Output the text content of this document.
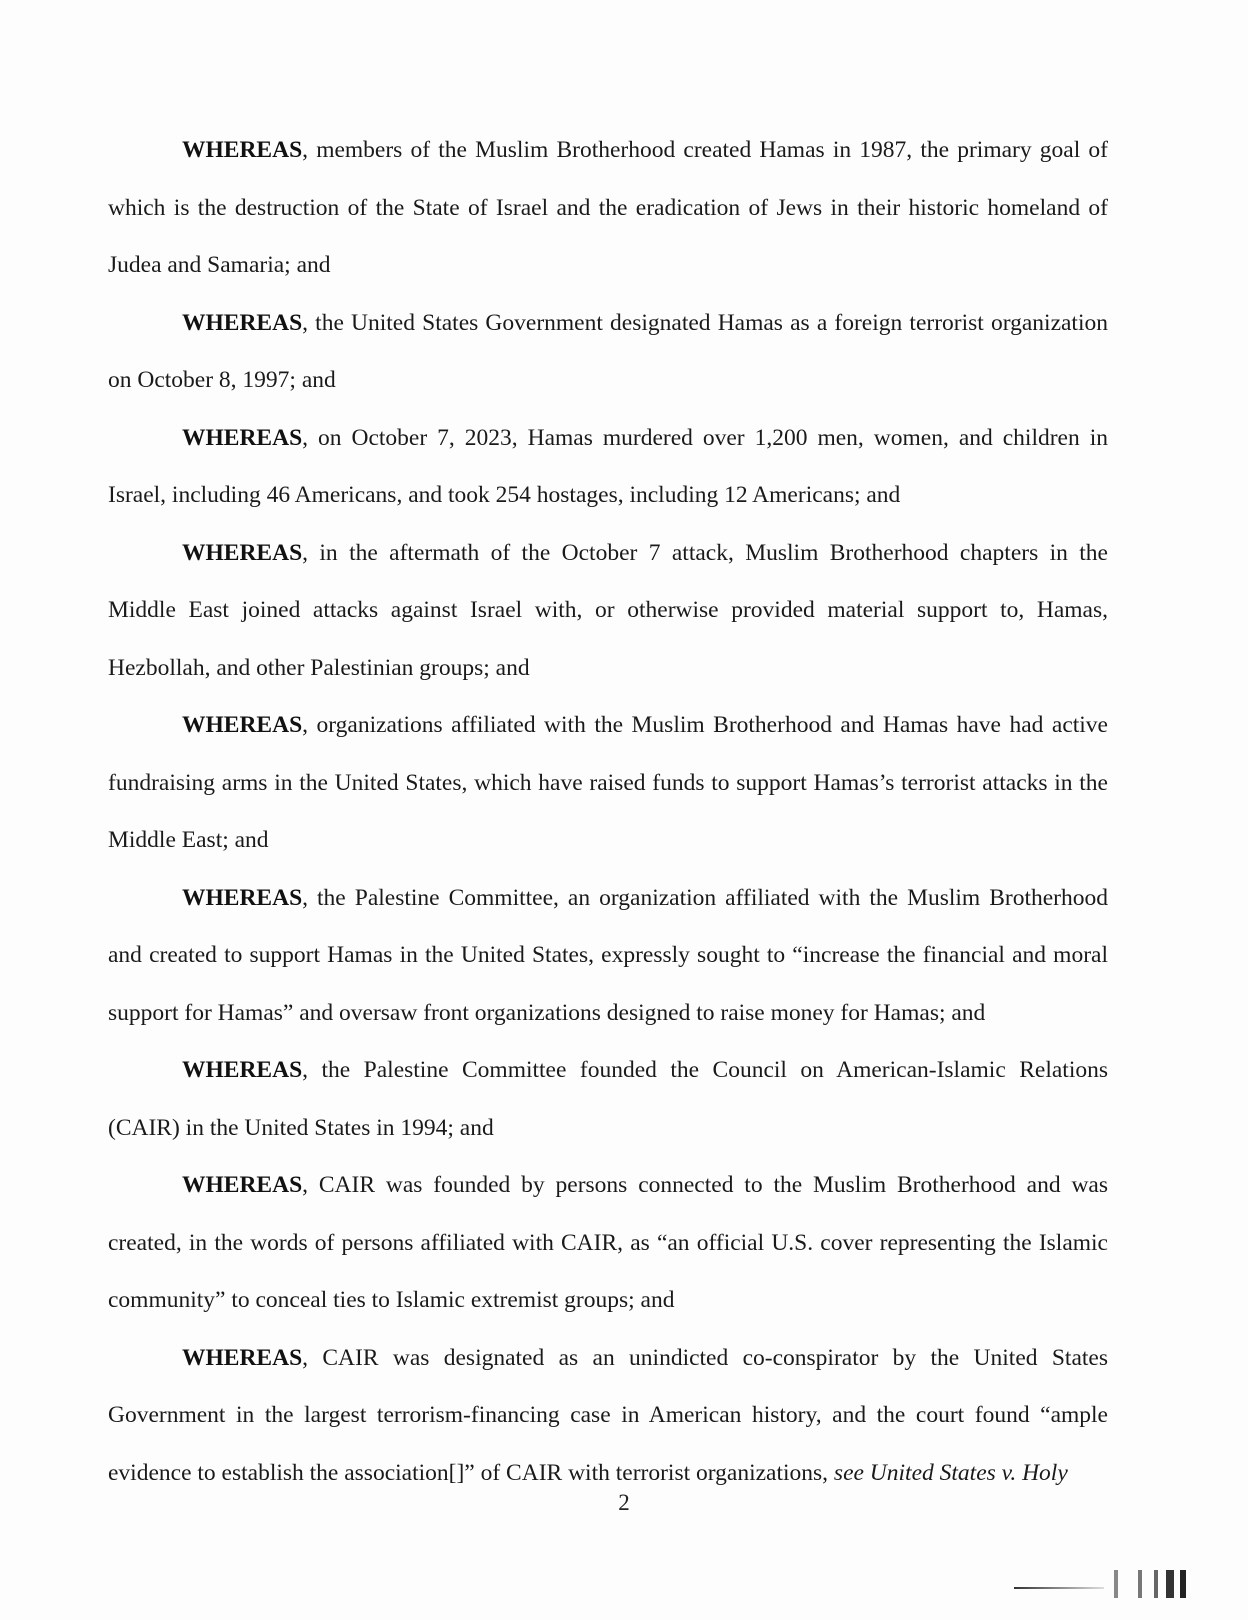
WHEREAS, members of the Muslim Brotherhood created Hamas in 1987, the primary goal of which is the destruction of the State of Israel and the eradication of Jews in their historic homeland of Judea and Samaria; and

WHEREAS, the United States Government designated Hamas as a foreign terrorist organization on October 8, 1997; and

WHEREAS, on October 7, 2023, Hamas murdered over 1,200 men, women, and children in Israel, including 46 Americans, and took 254 hostages, including 12 Americans; and

WHEREAS, in the aftermath of the October 7 attack, Muslim Brotherhood chapters in the Middle East joined attacks against Israel with, or otherwise provided material support to, Hamas, Hezbollah, and other Palestinian groups; and

WHEREAS, organizations affiliated with the Muslim Brotherhood and Hamas have had active fundraising arms in the United States, which have raised funds to support Hamas’s terrorist attacks in the Middle East; and

WHEREAS, the Palestine Committee, an organization affiliated with the Muslim Brotherhood and created to support Hamas in the United States, expressly sought to “increase the financial and moral support for Hamas” and oversaw front organizations designed to raise money for Hamas; and

WHEREAS, the Palestine Committee founded the Council on American-Islamic Relations (CAIR) in the United States in 1994; and

WHEREAS, CAIR was founded by persons connected to the Muslim Brotherhood and was created, in the words of persons affiliated with CAIR, as “an official U.S. cover representing the Islamic community” to conceal ties to Islamic extremist groups; and

WHEREAS, CAIR was designated as an unindicted co-conspirator by the United States Government in the largest terrorism-financing case in American history, and the court found “ample evidence to establish the association[]” of CAIR with terrorist organizations, see United States v. Holy

2
